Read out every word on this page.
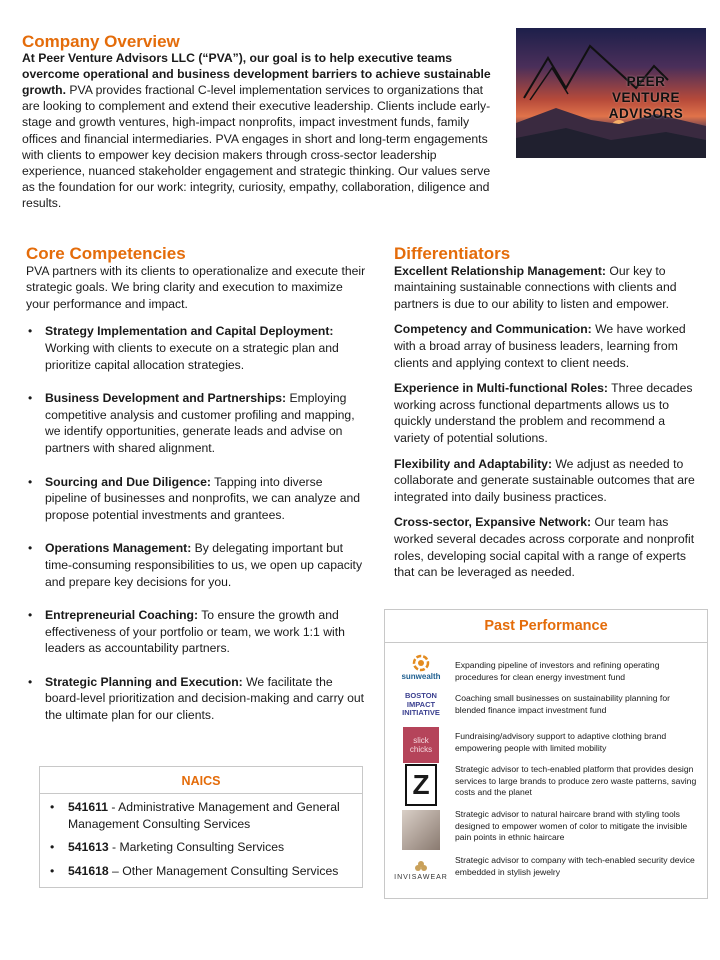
Company Overview

At Peer Venture Advisors LLC (“PVA”), our goal is to help executive teams overcome operational and business development barriers to achieve sustainable growth. PVA provides fractional C-level implementation services to organizations that are looking to complement and extend their executive leadership. Clients include early-stage and growth ventures, high-impact nonprofits, impact investment funds, family offices and financial intermediaries. PVA engages in short and long-term engagements with clients to empower key decision makers through cross-sector leadership experience, nuanced stakeholder engagement and strategic thinking. Our values serve as the foundation for our work: integrity, curiosity, empathy, collaboration, diligence and results.

PEER
VENTURE
ADVISORS
Core Competencies

PVA partners with its clients to operationalize and execute their strategic goals. We bring clarity and execution to maximize your performance and impact.

• Strategy Implementation and Capital Deployment: Working with clients to execute on a strategic plan and prioritize capital allocation strategies.
• Business Development and Partnerships: Employing competitive analysis and customer profiling and mapping, we identify opportunities, generate leads and advise on partners with shared alignment.
• Sourcing and Due Diligence: Tapping into diverse pipeline of businesses and nonprofits, we can analyze and propose potential investments and grantees.
• Operations Management: By delegating important but time-consuming responsibilities to us, we open up capacity and prepare key decisions for you.
• Entrepreneurial Coaching: To ensure the growth and effectiveness of your portfolio or team, we work 1:1 with leaders as accountability partners.
• Strategic Planning and Execution: We facilitate the board-level prioritization and decision-making and carry out the ultimate plan for our clients.
Differentiators
Excellent Relationship Management: Our key to maintaining sustainable connections with clients and partners is due to our ability to listen and empower.
Competency and Communication: We have worked with a broad array of business leaders, learning from clients and applying context to client needs.
Experience in Multi-functional Roles: Three decades working across functional departments allows us to quickly understand the problem and recommend a variety of potential solutions.
Flexibility and Adaptability: We adjust as needed to collaborate and generate sustainable outcomes that are integrated into daily business practices.
Cross-sector, Expansive Network: Our team has worked several decades across corporate and nonprofit roles, developing social capital with a range of experts that can be leveraged as needed.
Past Performance
sunwealth
Expanding pipeline of investors and refining operating procedures for clean energy investment fund
BOSTON IMPACT INITIATIVE
Coaching small businesses on sustainability planning for blended finance impact investment fund
slick chicks
Fundraising/advisory support to adaptive clothing brand empowering people with limited mobility
Z	Strategic advisor to tech-enabled platform that provides design services to large brands to produce zero waste patterns, saving costs and the planet
Strategic advisor to natural haircare brand with styling tools designed to empower women of color to mitigate the invisible pain points in ethnic haircare
INVISAWEAR
Strategic advisor to company with tech-enabled security device embedded in stylish jewelry
NAICS
• 541611 - Administrative Management and General Management Consulting Services
• 541613 - Marketing Consulting Services
• 541618 – Other Management Consulting Services
